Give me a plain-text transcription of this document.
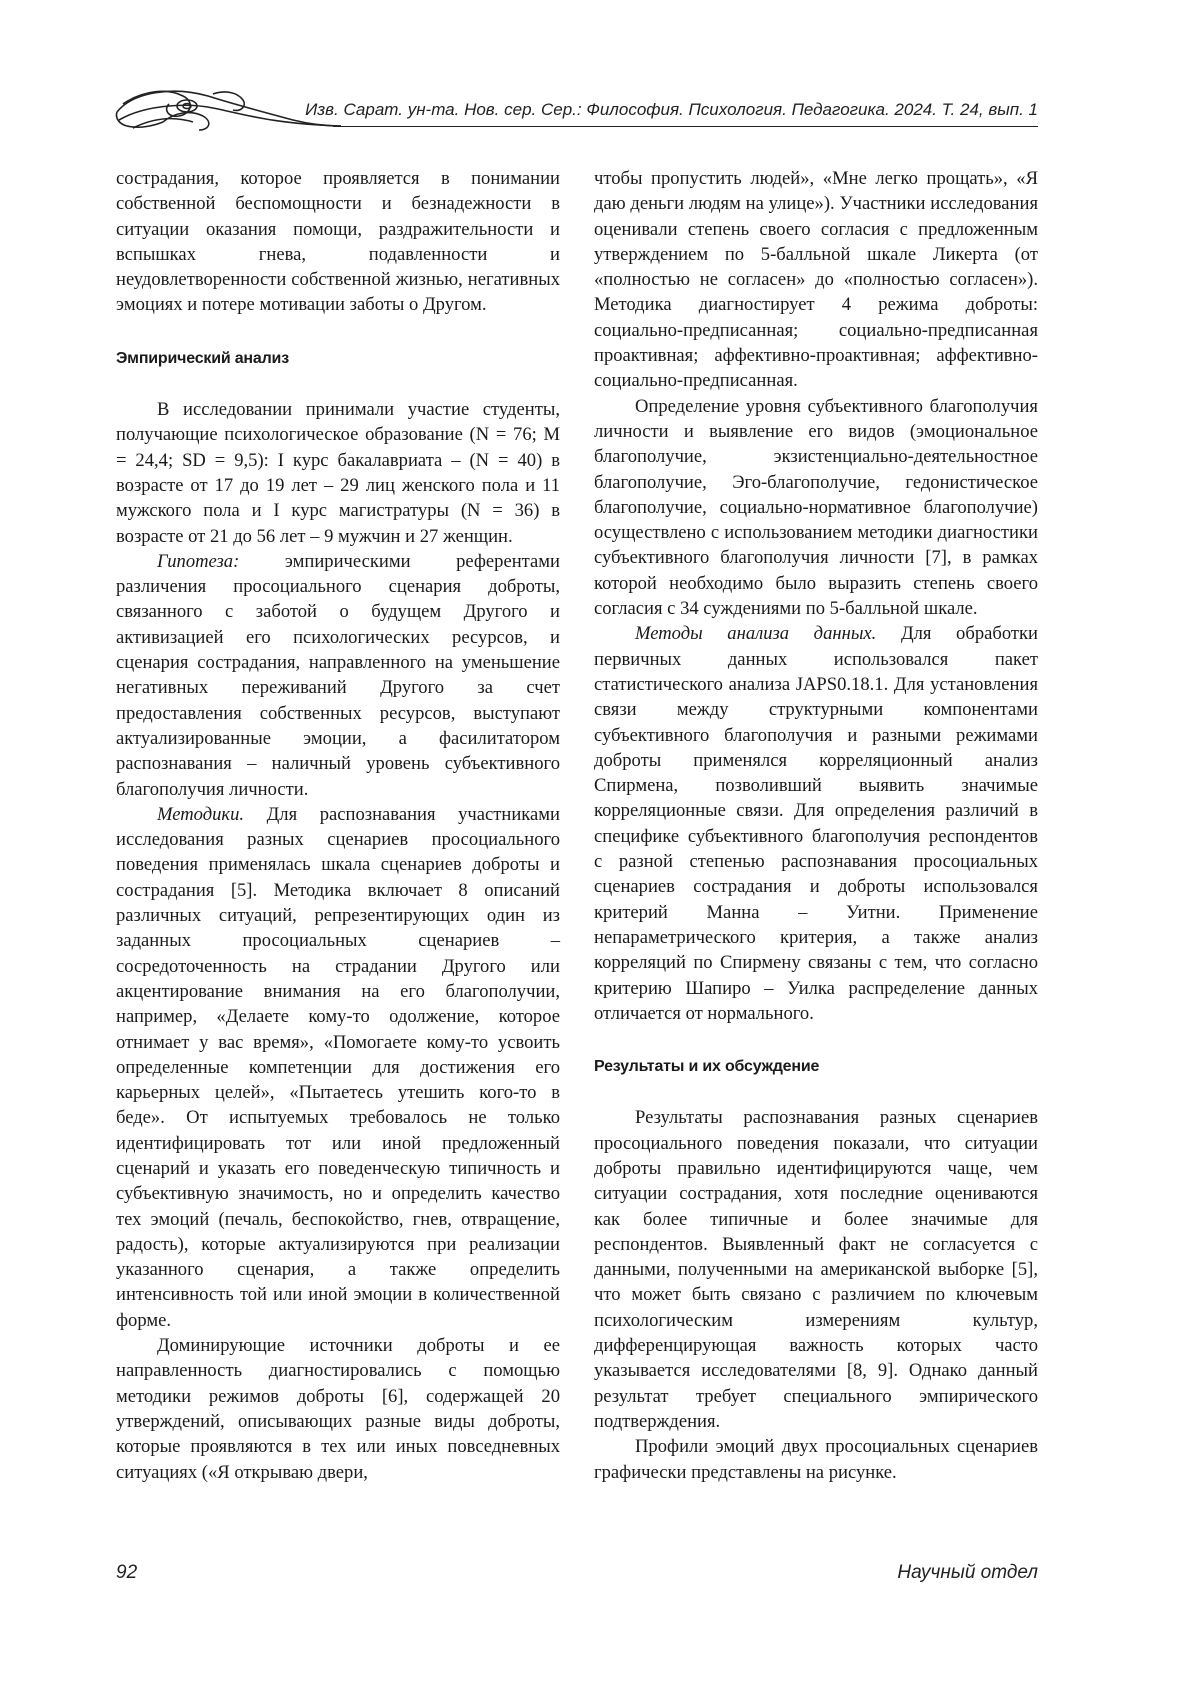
Изв. Сарат. ун-та. Нов. сер. Сер.: Философия. Психология. Педагогика. 2024. Т. 24, вып. 1

сострадания, которое проявляется в понимании собственной беспомощности и безнадежности в ситуации оказания помощи, раздражительности и вспышках гнева, подавленности и неудовлетворенности собственной жизнью, негативных эмоциях и потере мотивации заботы о Другом.

Эмпирический анализ

В исследовании принимали участие студенты, получающие психологическое образование (N = 76; M = 24,4; SD = 9,5): I курс бакалавриата – (N = 40) в возрасте от 17 до 19 лет – 29 лиц женского пола и 11 мужского пола и I курс магистратуры (N = 36) в возрасте от 21 до 56 лет – 9 мужчин и 27 женщин.

Гипотеза: эмпирическими референтами различения просоциального сценария доброты, связанного с заботой о будущем Другого и активизацией его психологических ресурсов, и сценария сострадания, направленного на уменьшение негативных переживаний Другого за счет предоставления собственных ресурсов, выступают актуализированные эмоции, а фасилитатором распознавания – наличный уровень субъективного благополучия личности.

Методики. Для распознавания участниками исследования разных сценариев просоциального поведения применялась шкала сценариев доброты и сострадания [5]. Методика включает 8 описаний различных ситуаций, репрезентирующих один из заданных просоциальных сценариев – сосредоточенность на страдании Другого или акцентирование внимания на его благополучии, например, «Делаете кому-то одолжение, которое отнимает у вас время», «Помогаете кому-то усвоить определенные компетенции для достижения его карьерных целей», «Пытаетесь утешить кого-то в беде». От испытуемых требовалось не только идентифицировать тот или иной предложенный сценарий и указать его поведенческую типичность и субъективную значимость, но и определить качество тех эмоций (печаль, беспокойство, гнев, отвращение, радость), которые актуализируются при реализации указанного сценария, а также определить интенсивность той или иной эмоции в количественной форме.

Доминирующие источники доброты и ее направленность диагностировались с помощью методики режимов доброты [6], содержащей 20 утверждений, описывающих разные виды доброты, которые проявляются в тех или иных повседневных ситуациях («Я открываю двери,

чтобы пропустить людей», «Мне легко прощать», «Я даю деньги людям на улице»). Участники исследования оценивали степень своего согласия с предложенным утверждением по 5-балльной шкале Ликерта (от «полностью не согласен» до «полностью согласен»). Методика диагностирует 4 режима доброты: социально-предписанная; социально-предписанная проактивная; аффективно-проактивная; аффективно-социально-предписанная.

Определение уровня субъективного благополучия личности и выявление его видов (эмоциональное благополучие, экзистенциально-деятельностное благополучие, Эго-благополучие, гедонистическое благополучие, социально-нормативное благополучие) осуществлено с использованием методики диагностики субъективного благополучия личности [7], в рамках которой необходимо было выразить степень своего согласия с 34 суждениями по 5-балльной шкале.

Методы анализа данных. Для обработки первичных данных использовался пакет статистического анализа JAPS0.18.1. Для установления связи между структурными компонентами субъективного благополучия и разными режимами доброты применялся корреляционный анализ Спирмена, позволивший выявить значимые корреляционные связи. Для определения различий в специфике субъективного благополучия респондентов с разной степенью распознавания просоциальных сценариев сострадания и доброты использовался критерий Манна – Уитни. Применение непараметрического критерия, а также анализ корреляций по Спирмену связаны с тем, что согласно критерию Шапиро – Уилка распределение данных отличается от нормального.

Результаты и их обсуждение

Результаты распознавания разных сценариев просоциального поведения показали, что ситуации доброты правильно идентифицируются чаще, чем ситуации сострадания, хотя последние оцениваются как более типичные и более значимые для респондентов. Выявленный факт не согласуется с данными, полученными на американской выборке [5], что может быть связано с различием по ключевым психологическим измерениям культур, дифференцирующая важность которых часто указывается исследователями [8, 9]. Однако данный результат требует специального эмпирического подтверждения.

Профили эмоций двух просоциальных сценариев графически представлены на рисунке.

92	Научный отдел
